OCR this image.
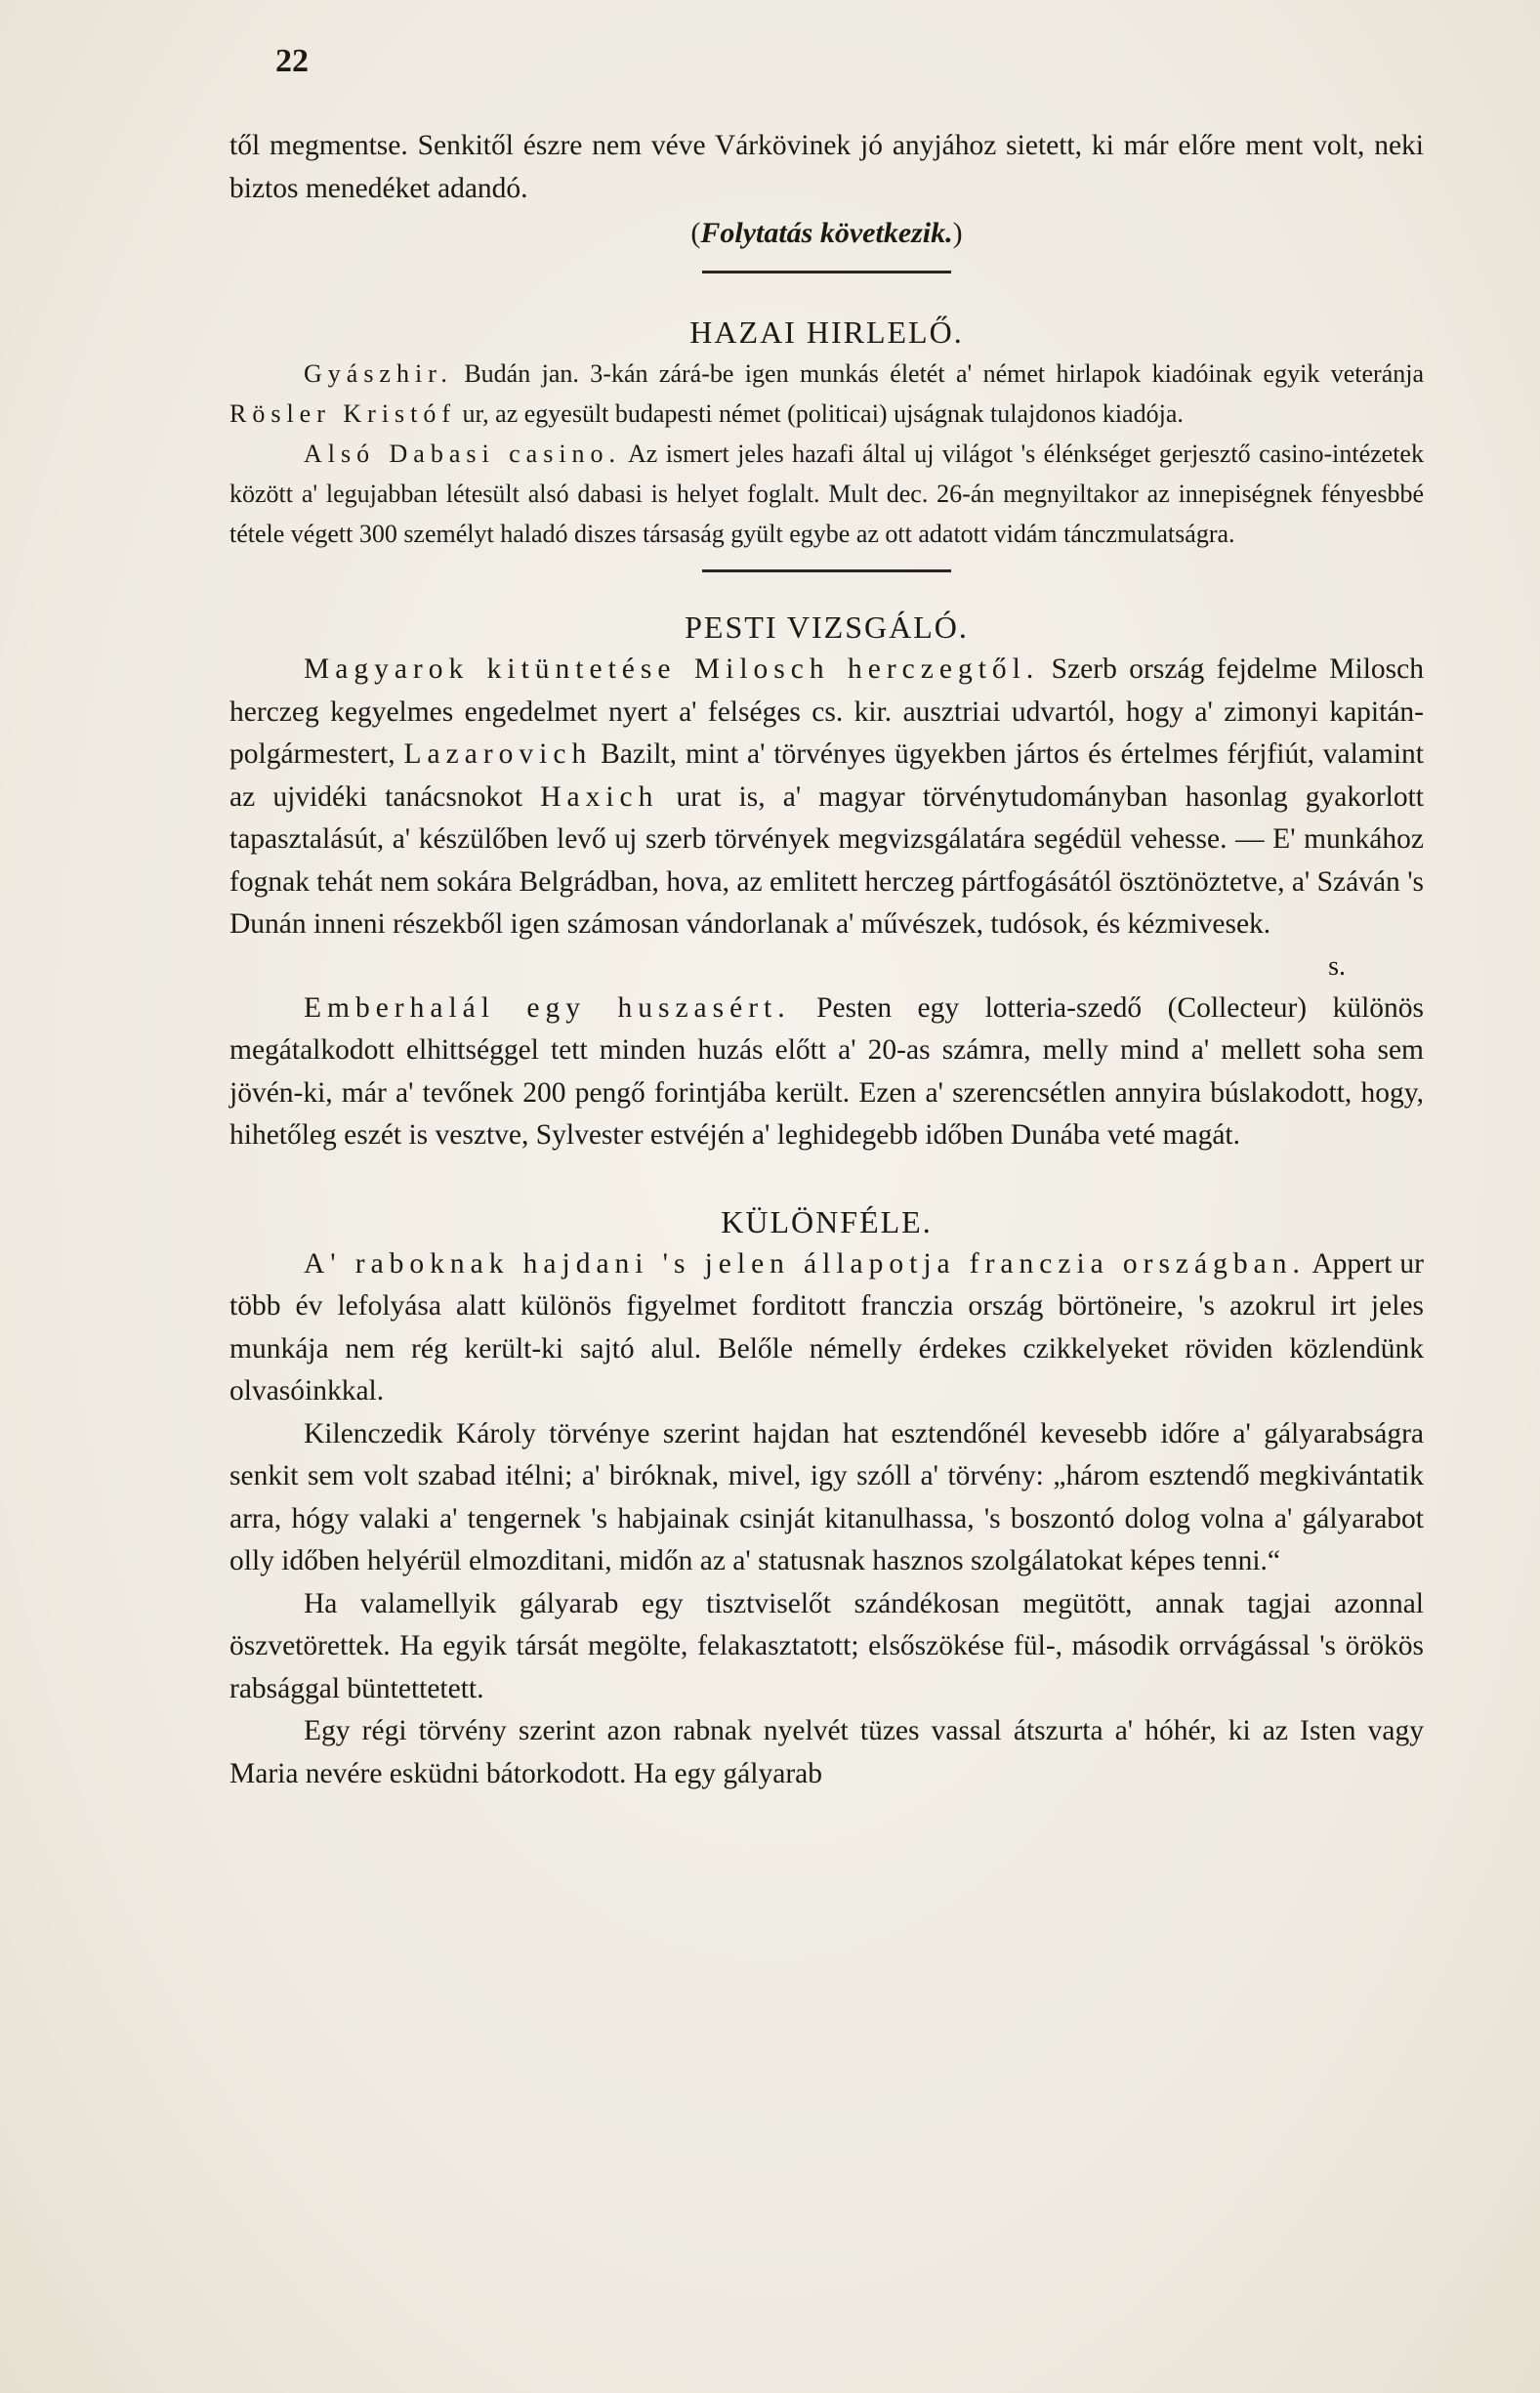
22

től megmentse. Senkitől észre nem véve Várkövinek jó anyjához sietett, ki már előre ment volt, neki biztos menedéket adandó.

(Folytatás következik.)
HAZAI HIRLELŐ.

Gyászhir. Budán jan. 3-kán zárá-be igen munkás életét a' német hirlapok kiadóinak egyik veteránja Rösler Kristóf ur, az egyesült budapesti német (politicai) ujságnak tulajdonos kiadója.

Alsó Dabasi casino. Az ismert jeles hazafi által uj világot 's élénkséget gerjesztő casino-intézetek között a' legujabban létesült alsó dabasi is helyet foglalt. Mult dec. 26-án megnyiltakor az innepiségnek fényesbbé tétele végett 300 személyt haladó diszes társaság gyült egybe az ott adatott vidám tánczmulatságra.

PESTI VIZSGÁLÓ.

Magyarok kitüntetése Milosch herczegtől. Szerb ország fejdelme Milosch herczeg kegyelmes engedelmet nyert a' felséges cs. kir. ausztriai udvartól, hogy a' zimonyi kapitán-polgármestert, Lazarovich Bazilt, mint a' törvényes ügyekben jártos és értelmes férjfiút, valamint az ujvidéki tanácsnokot Haxich urat is, a' magyar törvénytudományban hasonlag gyakorlott tapasztalásút, a' készülőben levő uj szerb törvények megvizsgálatára segédül vehesse. — E' munkához fognak tehát nem sokára Belgrádban, hova, az emlitett herczeg pártfogásától ösztönöztetve, a' Száván 's Dunán inneni részekből igen számosan vándorlanak a' művészek, tudósok, és kézmivesek.

s.

Emberhalál egy huszasért. Pesten egy lotteria-szedő (Collecteur) különös megátalkodott elhittséggel tett minden huzás előtt a' 20-as számra, melly mind a' mellett soha sem jövén-ki, már a' tevőnek 200 pengő forintjába került. Ezen a' szerencsétlen annyira búslakodott, hogy, hihetőleg eszét is vesztve, Sylvester estvéjén a' leghidegebb időben Dunába veté magát.

KÜLÖNFÉLE.

A' raboknak hajdani 's jelen állapotja franczia országban. Appert ur több év lefolyása alatt különös figyelmet forditott franczia ország börtöneire, 's azokrul irt jeles munkája nem rég került-ki sajtó alul. Belőle némelly érdekes czikkelyeket röviden közlendünk olvasóinkkal.

Kilenczedik Károly törvénye szerint hajdan hat esztendőnél kevesebb időre a' gályarabságra senkit sem volt szabad itélni; a' biróknak, mivel, igy szóll a' törvény: „három esztendő megkivántatik arra, hógy valaki a' tengernek 's habjainak csinját kitanulhassa, 's boszontó dolog volna a' gályarabot olly időben helyérül elmozditani, midőn az a' statusnak hasznos szolgálatokat képes tenni.“

Ha valamellyik gályarab egy tisztviselőt szándékosan megütött, annak tagjai azonnal öszvetörettek. Ha egyik társát megölte, felakasztatott; elsőszökése fül-, második orrvágással 's örökös rabsággal büntettetett.

Egy régi törvény szerint azon rabnak nyelvét tüzes vassal átszurta a' hóhér, ki az Isten vagy Maria nevére esküdni bátorkodott. Ha egy gályarab
